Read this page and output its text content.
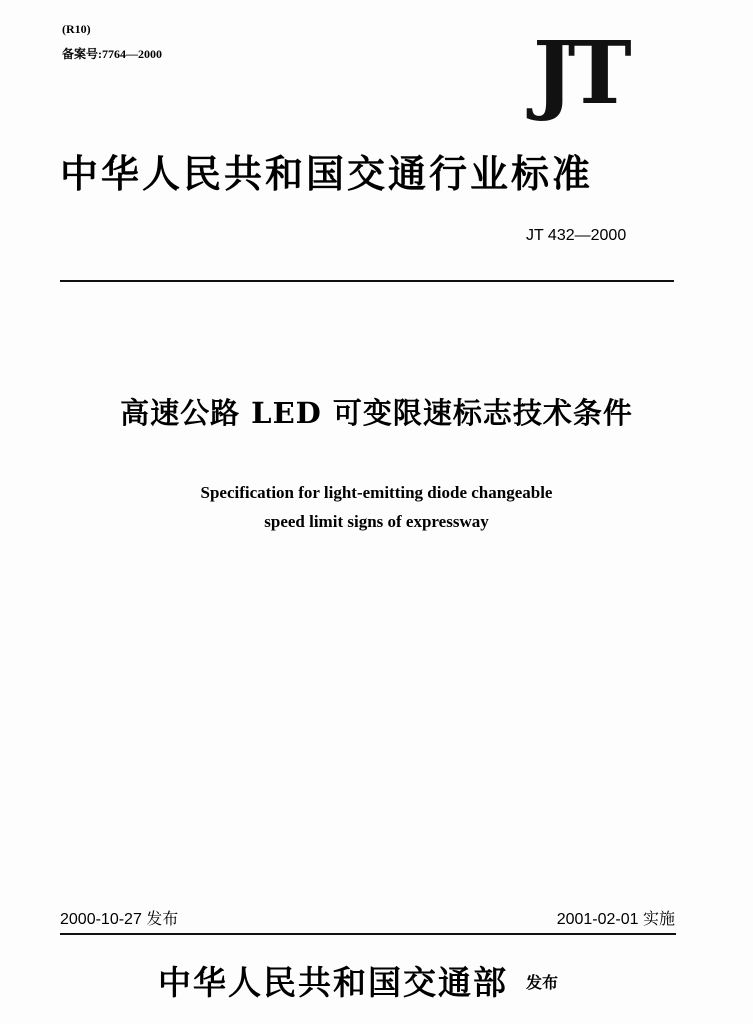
(R10)
备案号:7764—2000	JT
中华人民共和国交通行业标准
JT 432—2000
高速公路 LED 可变限速标志技术条件
Specification for light-emitting diode changeable
speed limit signs of expressway
2000-10-27 发布	2001-02-01 实施
中华人民共和国交通部 发布
